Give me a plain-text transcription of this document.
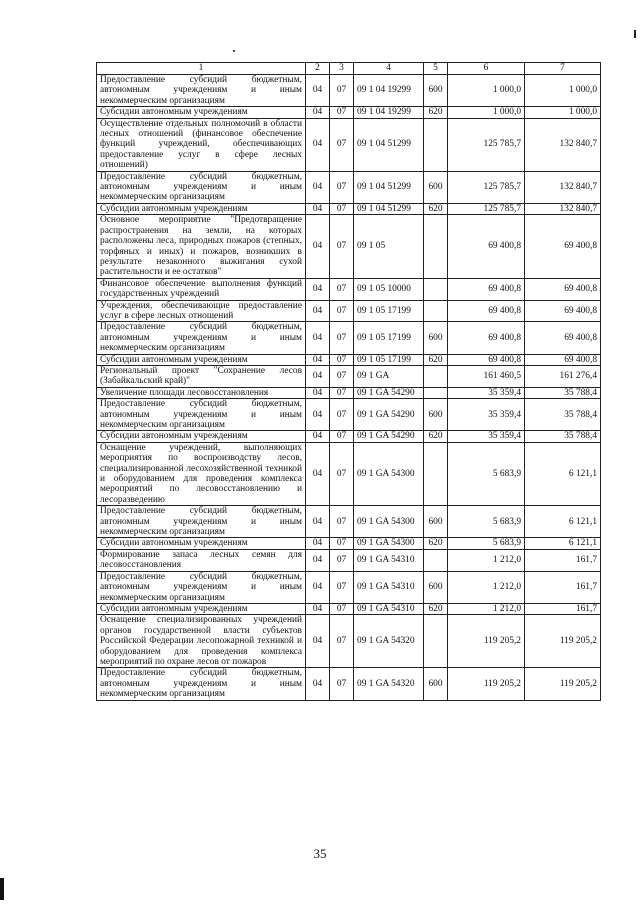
1	2	3	4	5	6	7
Предоставление субсидий бюджетным, автономным учреждениям и иным некоммерческим организациям	04	07	09 1 04 19299	600	1 000,0	1 000,0
Субсидии автономным учреждениям	04	07	09 1 04 19299	620	1 000,0	1 000,0
Осуществление отдельных полномочий в области лесных отношений (финансовое обеспечение функций учреждений, обеспечивающих предоставление услуг в сфере лесных отношений)	04	07	09 1 04 51299		125 785,7	132 840,7
Предоставление субсидий бюджетным, автономным учреждениям и иным некоммерческим организациям	04	07	09 1 04 51299	600	125 785,7	132 840,7
Субсидии автономным учреждениям	04	07	09 1 04 51299	620	125 785,7	132 840,7
Основное мероприятие "Предотвращение распространения на земли, на которых расположены леса, природных пожаров (степных, торфяных и иных) и пожаров, возникших в результате незаконного выжигания сухой растительности и ее остатков"	04	07	09 1 05		69 400,8	69 400,8
Финансовое обеспечение выполнения функций государственных учреждений	04	07	09 1 05 10000		69 400,8	69 400,8
Учреждения, обеспечивающие предоставление услуг в сфере лесных отношений	04	07	09 1 05 17199		69 400,8	69 400,8
Предоставление субсидий бюджетным, автономным учреждениям и иным некоммерческим организациям	04	07	09 1 05 17199	600	69 400,8	69 400,8
Субсидии автономным учреждениям	04	07	09 1 05 17199	620	69 400,8	69 400,8
Региональный проект "Сохранение лесов (Забайкальский край)"	04	07	09 1 GA		161 460,5	161 276,4
Увеличение площади лесовосстановления	04	07	09 1 GA 54290		35 359,4	35 788,4
Предоставление субсидий бюджетным, автономным учреждениям и иным некоммерческим организациям	04	07	09 1 GA 54290	600	35 359,4	35 788,4
Субсидии автономным учреждениям	04	07	09 1 GA 54290	620	35 359,4	35 788,4
Оснащение учреждений, выполняющих мероприятия по воспроизводству лесов, специализированной лесохозяйственной техникой и оборудованием для проведения комплекса мероприятий по лесовосстановлению и лесоразведению	04	07	09 1 GA 54300		5 683,9	6 121,1
Предоставление субсидий бюджетным, автономным учреждениям и иным некоммерческим организациям	04	07	09 1 GA 54300	600	5 683,9	6 121,1
Субсидии автономным учреждениям	04	07	09 1 GA 54300	620	5 683,9	6 121,1
Формирование запаса лесных семян для лесовосстановления	04	07	09 1 GA 54310		1 212,0	161,7
Предоставление субсидий бюджетным, автономным учреждениям и иным некоммерческим организациям	04	07	09 1 GA 54310	600	1 212,0	161,7
Субсидии автономным учреждениям	04	07	09 1 GA 54310	620	1 212,0	161,7
Оснащение специализированных учреждений органов государственной власти субъектов Российской Федерации лесопожарной техникой и оборудованием для проведения комплекса мероприятий по охране лесов от пожаров	04	07	09 1 GA 54320		119 205,2	119 205,2
Предоставление субсидий бюджетным, автономным учреждениям и иным некоммерческим организациям	04	07	09 1 GA 54320	600	119 205,2	119 205,2
35
